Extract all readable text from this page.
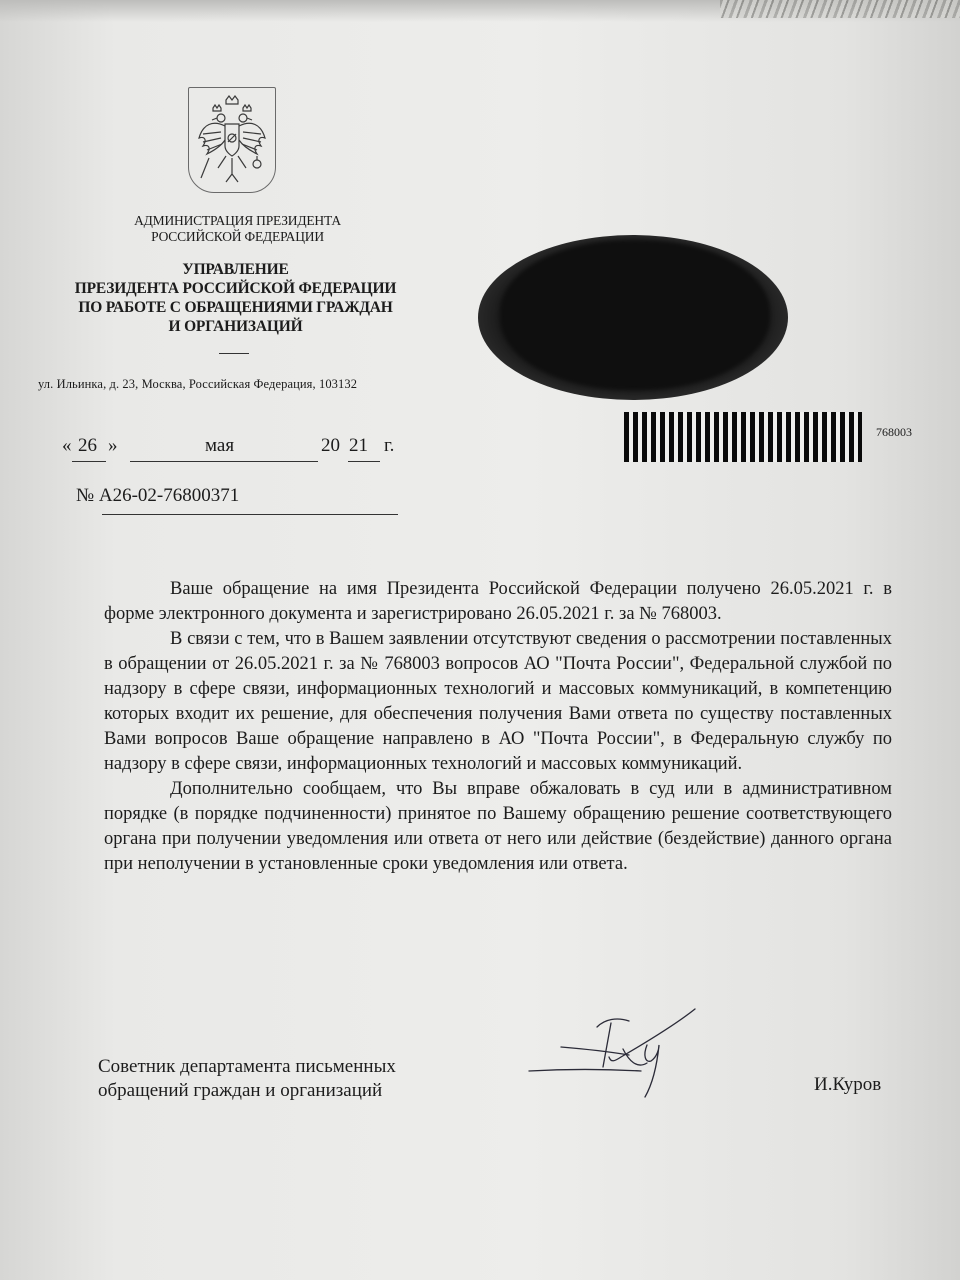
АДМИНИСТРАЦИЯ ПРЕЗИДЕНТА
РОССИЙСКОЙ ФЕДЕРАЦИИ
УПРАВЛЕНИЕ
ПРЕЗИДЕНТА РОССИЙСКОЙ ФЕДЕРАЦИИ
ПО РАБОТЕ С ОБРАЩЕНИЯМИ ГРАЖДАН
И ОРГАНИЗАЦИЙ
ул. Ильинка, д. 23, Москва, Российская Федерация, 103132
768003
« 26 »	мая	20 21 г.
№ А26-02-76800371

Ваше обращение на имя Президента Российской Федерации получено 26.05.2021 г. в форме электронного документа и зарегистрировано 26.05.2021 г. за № 768003.

В связи с тем, что в Вашем заявлении отсутствуют сведения о рассмотрении поставленных в обращении от 26.05.2021 г. за № 768003 вопросов АО "Почта России", Федеральной службой по надзору в сфере связи, информационных технологий и массовых коммуникаций, в компетенцию которых входит их решение, для обеспечения получения Вами ответа по существу поставленных Вами вопросов Ваше обращение направлено в АО "Почта России", в Федеральную службу по надзору в сфере связи, информационных технологий и массовых коммуникаций.

Дополнительно сообщаем, что Вы вправе обжаловать в суд или в административном порядке (в порядке подчиненности) принятое по Вашему обращению решение соответствующего органа при получении уведомления или ответа от него или действие (бездействие) данного органа при неполучении в установленные сроки уведомления или ответа.

Советник департамента письменных
обращений граждан и организаций	И.Куров
